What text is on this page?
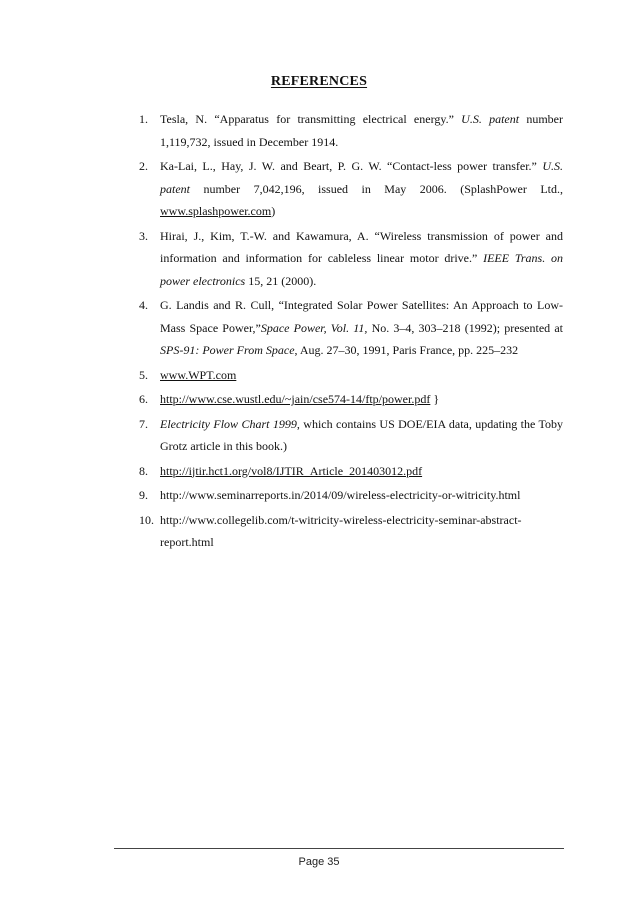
REFERENCES
1. Tesla, N. “Apparatus for transmitting electrical energy.” U.S. patent number 1,119,732, issued in December 1914.
2. Ka-Lai, L., Hay, J. W. and Beart, P. G. W. “Contact-less power transfer.” U.S. patent number 7,042,196, issued in May 2006. (SplashPower Ltd., www.splashpower.com)
3. Hirai, J., Kim, T.-W. and Kawamura, A. “Wireless transmission of power and information and information for cableless linear motor drive.” IEEE Trans. on power electronics 15, 21 (2000).
4. G. Landis and R. Cull, “Integrated Solar Power Satellites: An Approach to Low-Mass Space Power,”Space Power, Vol. 11, No. 3–4, 303–218 (1992); presented at SPS-91: Power From Space, Aug. 27–30, 1991, Paris France, pp. 225–232
5. www.WPT.com
6. http://www.cse.wustl.edu/~jain/cse574-14/ftp/power.pdf }
7. Electricity Flow Chart 1999, which contains US DOE/EIA data, updating the Toby Grotz article in this book.)
8. http://ijtir.hct1.org/vol8/IJTIR_Article_201403012.pdf
9. http://www.seminarreports.in/2014/09/wireless-electricity-or-witricity.html
10. http://www.collegelib.com/t-witricity-wireless-electricity-seminar-abstract-report.html
Page 35
